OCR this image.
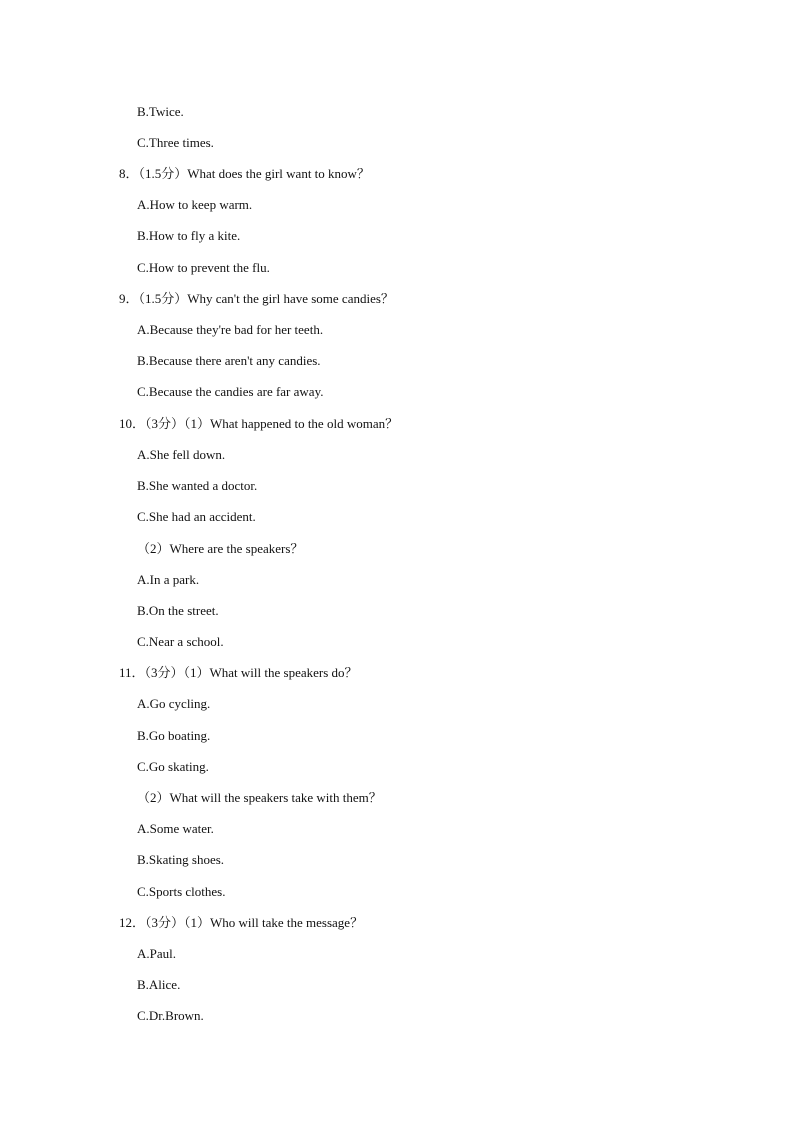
B.Twice.
C.Three times.
8．（1.5分）What does the girl want to know？
A.How to keep warm.
B.How to fly a kite.
C.How to prevent the flu.
9．（1.5分）Why can't the girl have some candies？
A.Because they're bad for her teeth.
B.Because there aren't any candies.
C.Because the candies are far away.
10．（3分）（1）What happened to the old woman？
A.She fell down.
B.She wanted a doctor.
C.She had an accident.
（2）Where are the speakers？
A.In a park.
B.On the street.
C.Near a school.
11．（3分）（1）What will the speakers do？
A.Go cycling.
B.Go boating.
C.Go skating.
（2）What will the speakers take with them？
A.Some water.
B.Skating shoes.
C.Sports clothes.
12．（3分）（1）Who will take the message？
A.Paul.
B.Alice.
C.Dr.Brown.
